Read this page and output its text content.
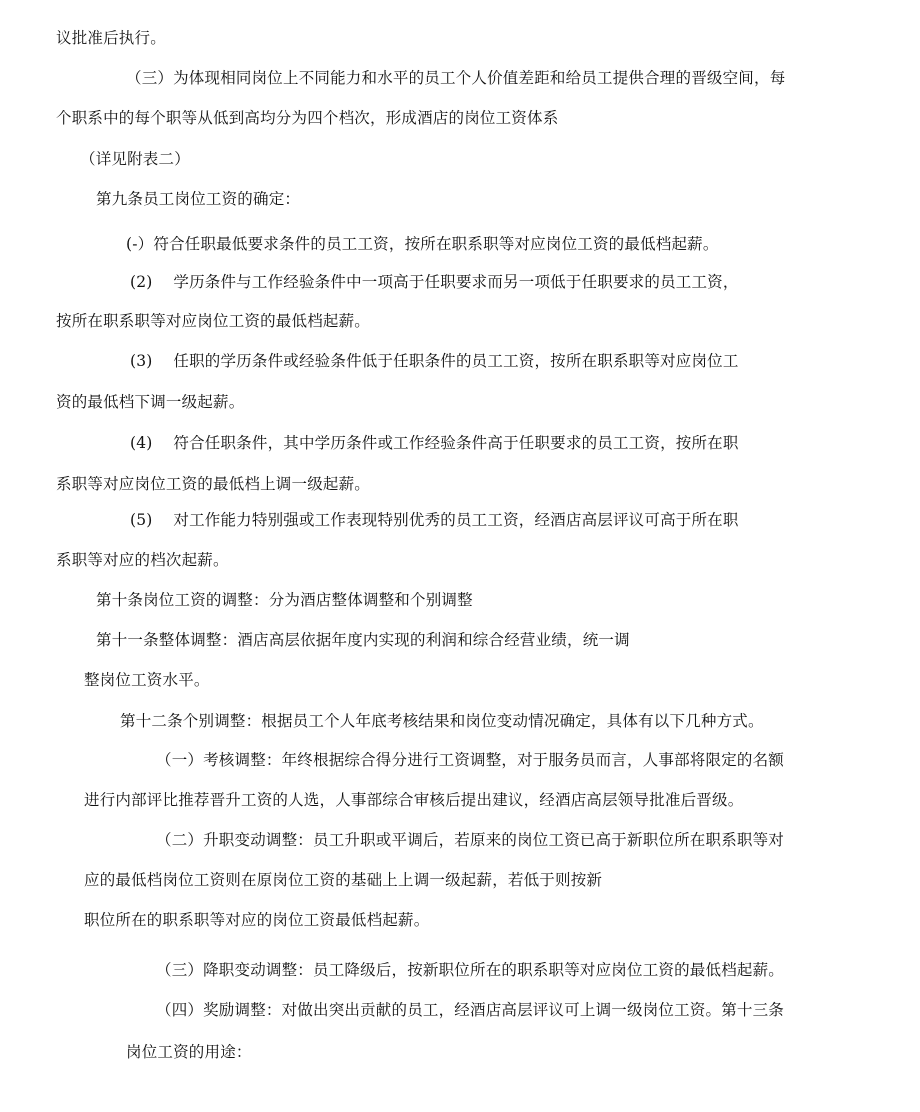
议批准后执行。
（三）为体现相同岗位上不同能力和水平的员工个人价值差距和给员工提供合理的晋级空间，每
个职系中的每个职等从低到高均分为四个档次，形成酒店的岗位工资体系
（详见附表二）
第九条员工岗位工资的确定：
(-）符合任职最低要求条件的员工工资，按所在职系职等对应岗位工资的最低档起薪。
(2)　 学历条件与工作经验条件中一项高于任职要求而另一项低于任职要求的员工工资，
按所在职系职等对应岗位工资的最低档起薪。
(3)　 任职的学历条件或经验条件低于任职条件的员工工资，按所在职系职等对应岗位工
资的最低档下调一级起薪。
(4)　 符合任职条件，其中学历条件或工作经验条件高于任职要求的员工工资，按所在职
系职等对应岗位工资的最低档上调一级起薪。
(5)　 对工作能力特别强或工作表现特别优秀的员工工资，经酒店高层评议可高于所在职
系职等对应的档次起薪。
第十条岗位工资的调整：分为酒店整体调整和个别调整
第十一条整体调整：酒店高层依据年度内实现的利润和综合经营业绩，统一调
整岗位工资水平。
第十二条个别调整：根据员工个人年底考核结果和岗位变动情况确定，具体有以下几种方式。
（一）考核调整：年终根据综合得分进行工资调整，对于服务员而言，人事部将限定的名额
进行内部评比推荐晋升工资的人选，人事部综合审核后提出建议，经酒店高层领导批准后晋级。
（二）升职变动调整：员工升职或平调后，若原来的岗位工资已高于新职位所在职系职等对
应的最低档岗位工资则在原岗位工资的基础上上调一级起薪，若低于则按新
职位所在的职系职等对应的岗位工资最低档起薪。
（三）降职变动调整：员工降级后，按新职位所在的职系职等对应岗位工资的最低档起薪。
（四）奖励调整：对做出突出贡献的员工，经酒店高层评议可上调一级岗位工资。第十三条
岗位工资的用途：
